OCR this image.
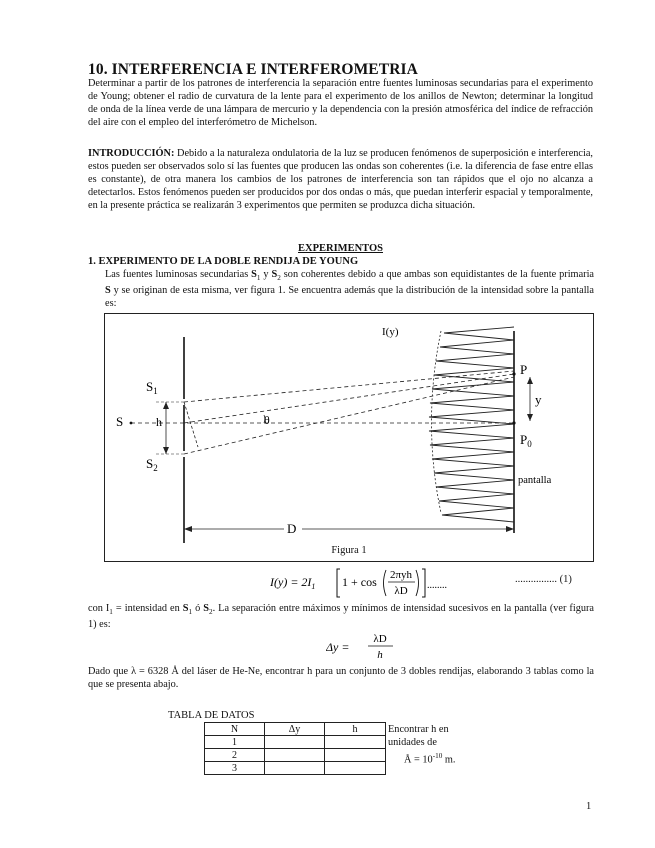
10. INTERFERENCIA E INTERFEROMETRIA
Determinar a partir de los patrones de interferencia la separación entre fuentes luminosas secundarias para el experimento de Young; obtener el radio de curvatura de la lente para el experimento de los anillos de Newton; determinar la longitud de onda de la línea verde de una lámpara de mercurio y la dependencia con la presión atmosférica del índice de refracción del aire con el empleo del interferómetro de Michelson.
INTRODUCCIÓN: Debido a la naturaleza ondulatoria de la luz se producen fenómenos de superposición e interferencia, estos pueden ser observados solo sí las fuentes que producen las ondas son coherentes (i.e. la diferencia de fase entre ellas es constante), de otra manera los cambios de los patrones de interferencia son tan rápidos que el ojo no alcanza a detectarlos. Estos fenómenos pueden ser producidos por dos ondas o más, que puedan interferir espacial y temporalmente, en la presente práctica se realizarán 3 experimentos que permiten se produzca dicha situación.
EXPERIMENTOS
1. EXPERIMENTO DE LA DOBLE RENDIJA DE YOUNG
Las fuentes luminosas secundarias $S_1$ y $S_2$ son coherentes debido a que ambas son equidistantes de la fuente primaria S y se originan de esta misma, ver figura 1. Se encuentra además que la distribución de la intensidad sobre la pantalla es:
I(y)
P
$P_0$
y
S
$S_1$
$S_2$
h	θ
D
pantalla
Figura 1
$I(y) = 2I_1$ 1 + cos 2πyh
λD ........
................ (1)
con $I_1$ = intensidad en $S_1$ ó $S_2$. La separación entre máximos y mínimos de intensidad sucesivos en la pantalla (ver figura 1) es:
Δy =
λD
h
Dado que λ = 6328 Å del láser de He-Ne, encontrar h para un conjunto de 3 dobles rendijas, elaborando 3 tablas como la que se presenta abajo.
TABLA DE DATOS
N	Δy	h
1		
2		
3		
Encontrar h en
unidades de
Å = $10^{-10}$ m.
1
